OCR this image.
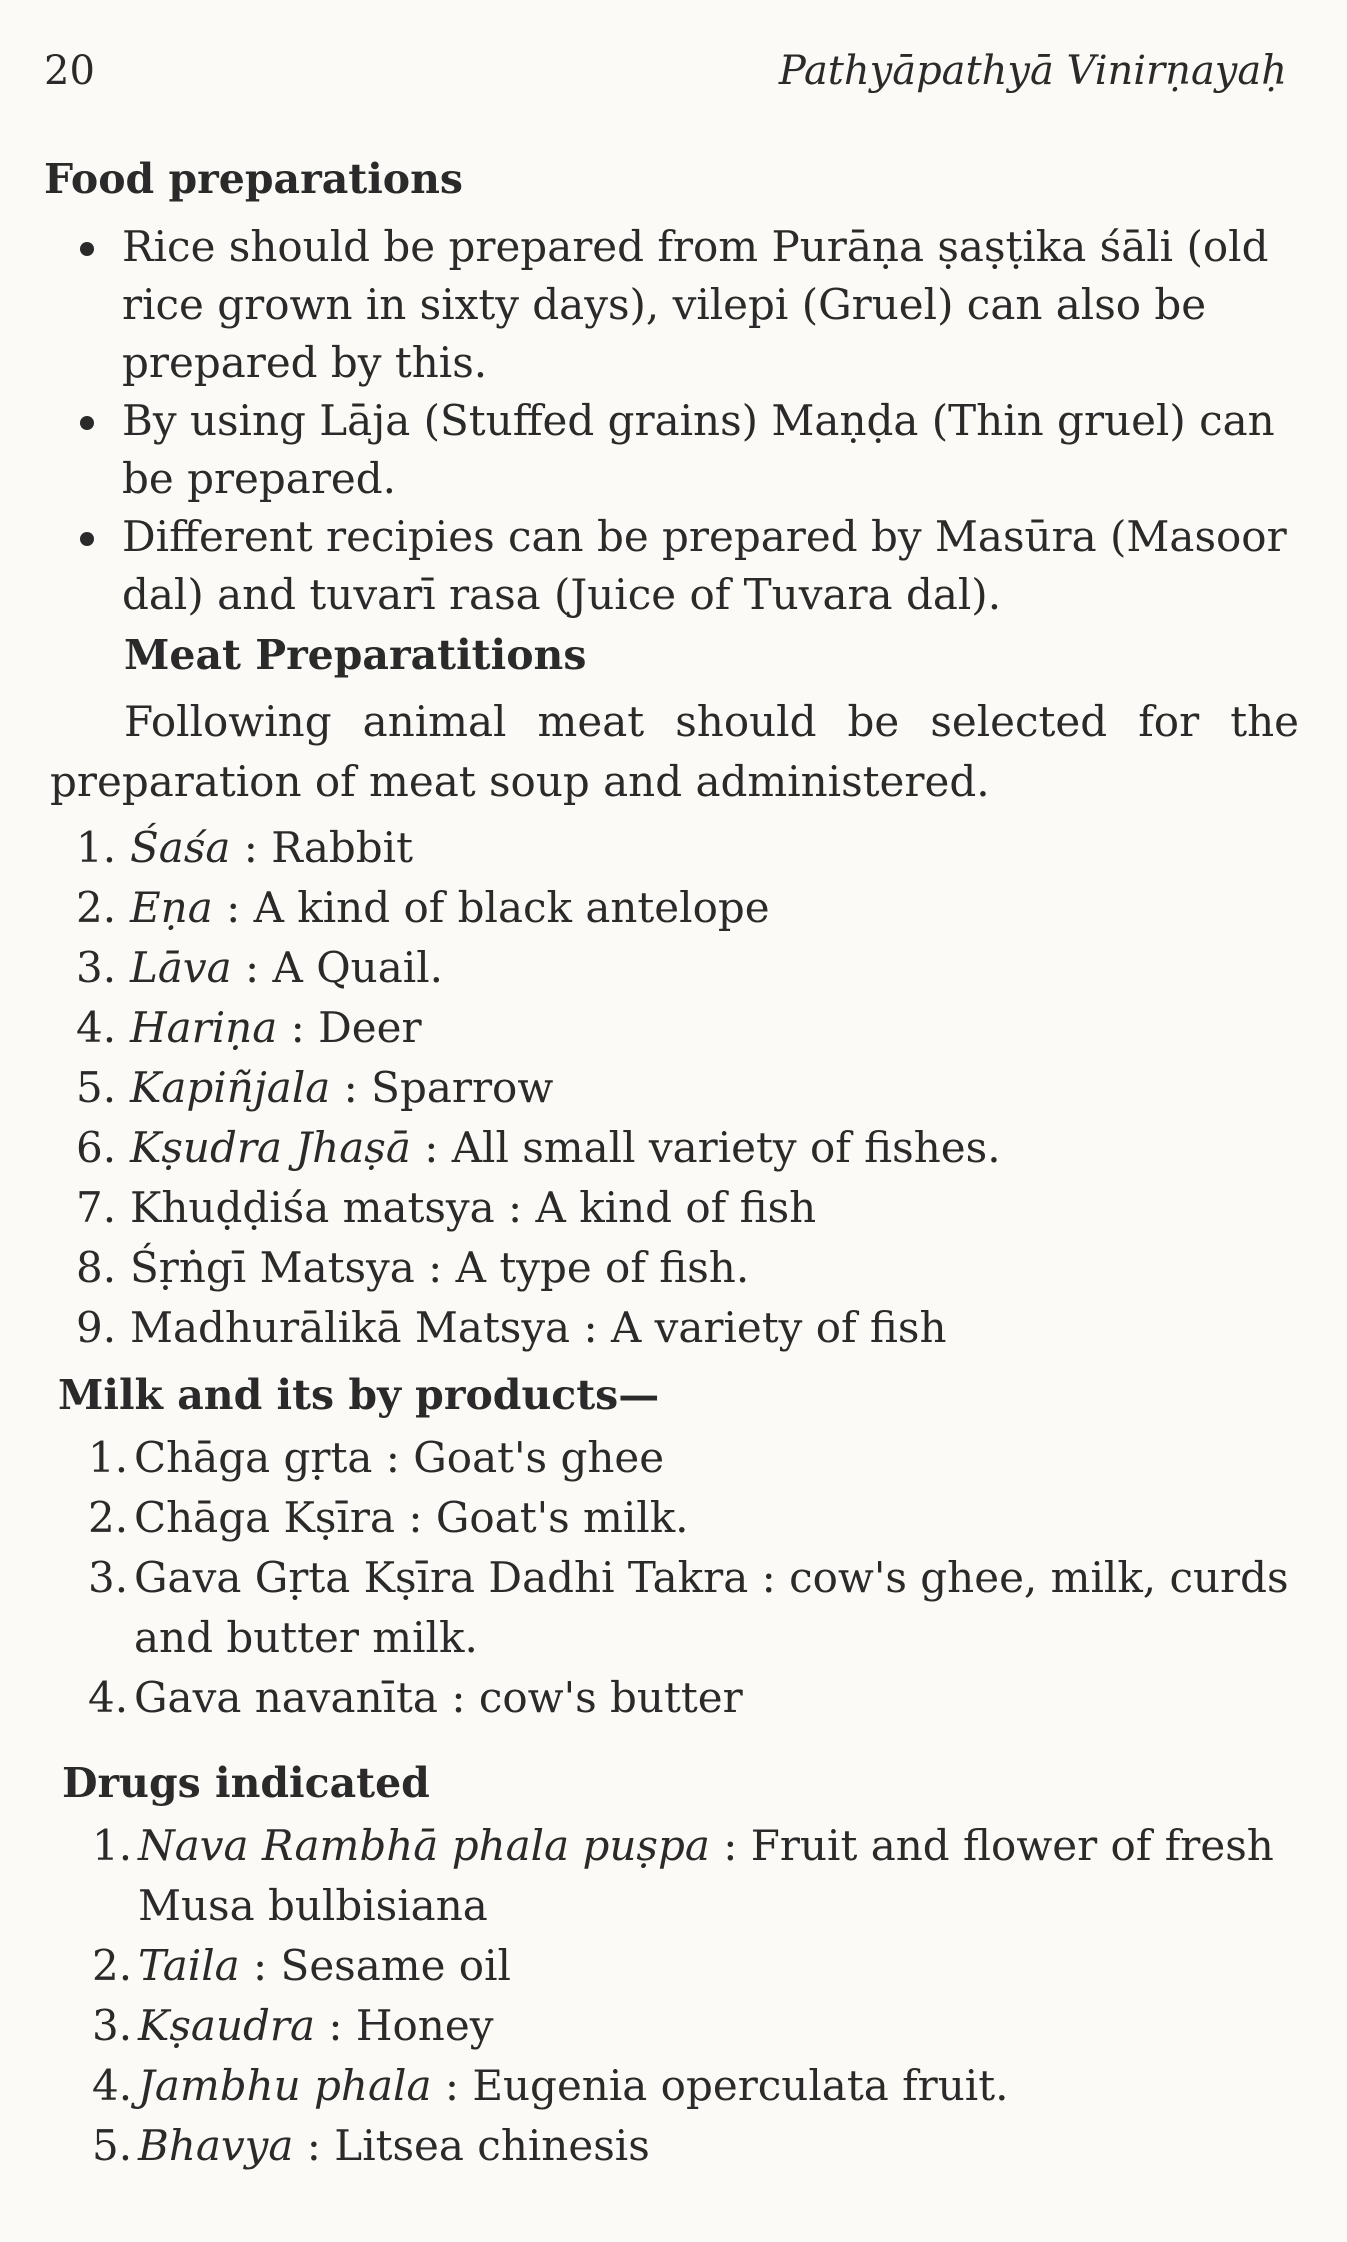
20	Pathyāpathyā Vinirṇayaḥ
Food preparations
Rice should be prepared from Purāṇa ṣaṣṭika śāli (old rice grown in sixty days), vilepi (Gruel) can also be prepared by this.
By using Lāja (Stuffed grains) Maṇḍa (Thin gruel) can be prepared.
Different recipies can be prepared by Masūra (Masoor dal) and tuvarī rasa (Juice of Tuvara dal).
Meat Preparatitions

Following animal meat should be selected for the preparation of meat soup and administered.

1. Śaśa : Rabbit
2. Eṇa : A kind of black antelope
3. Lāva : A Quail.
4. Hariṇa : Deer
5. Kapiñjala : Sparrow
6. Kṣudra Jhaṣā : All small variety of fishes.
7. Khuḍḍiśa matsya : A kind of fish
8. Śṛṅgī Matsya : A type of fish.
9. Madhurālikā Matsya : A variety of fish
Milk and its by products—
1. Chāga gṛta : Goat's ghee
2. Chāga Kṣīra : Goat's milk.
3. Gava Gṛta Kṣīra Dadhi Takra : cow's ghee, milk, curds and butter milk.
4. Gava navanīta : cow's butter
Drugs indicated
1. Nava Rambhā phala puṣpa : Fruit and flower of fresh Musa bulbisiana
2. Taila : Sesame oil
3. Kṣaudra : Honey
4. Jambhu phala : Eugenia operculata fruit.
5. Bhavya : Litsea chinesis
